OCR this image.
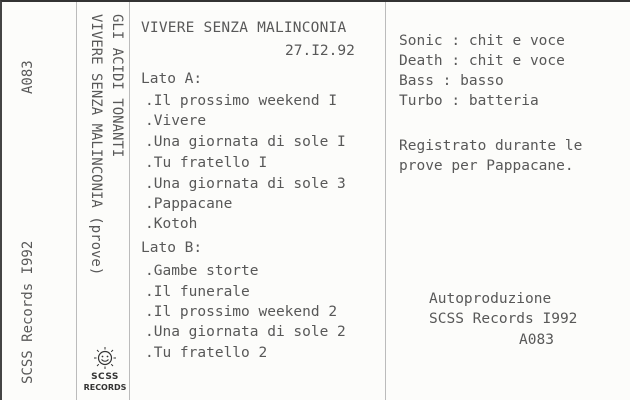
A083
SCSS Records I992
GLI ACIDI TONANTI
VIVERE SENZA MALINCONIA (prove)
SCSS
RECORDS
VIVERE SENZA MALINCONIA
27.I2.92
Lato A:
.Il prossimo weekend I
.Vivere
.Una giornata di sole I
.Tu fratello I
.Una giornata di sole 3
.Pappacane
.Kotoh
Lato B:
.Gambe storte
.Il funerale
.Il prossimo weekend 2
.Una giornata di sole 2
.Tu fratello 2
Sonic : chit e voce
Death : chit e voce
Bass : basso
Turbo : batteria
Registrato durante le
prove per Pappacane.
Autoproduzione
SCSS Records I992
A083
